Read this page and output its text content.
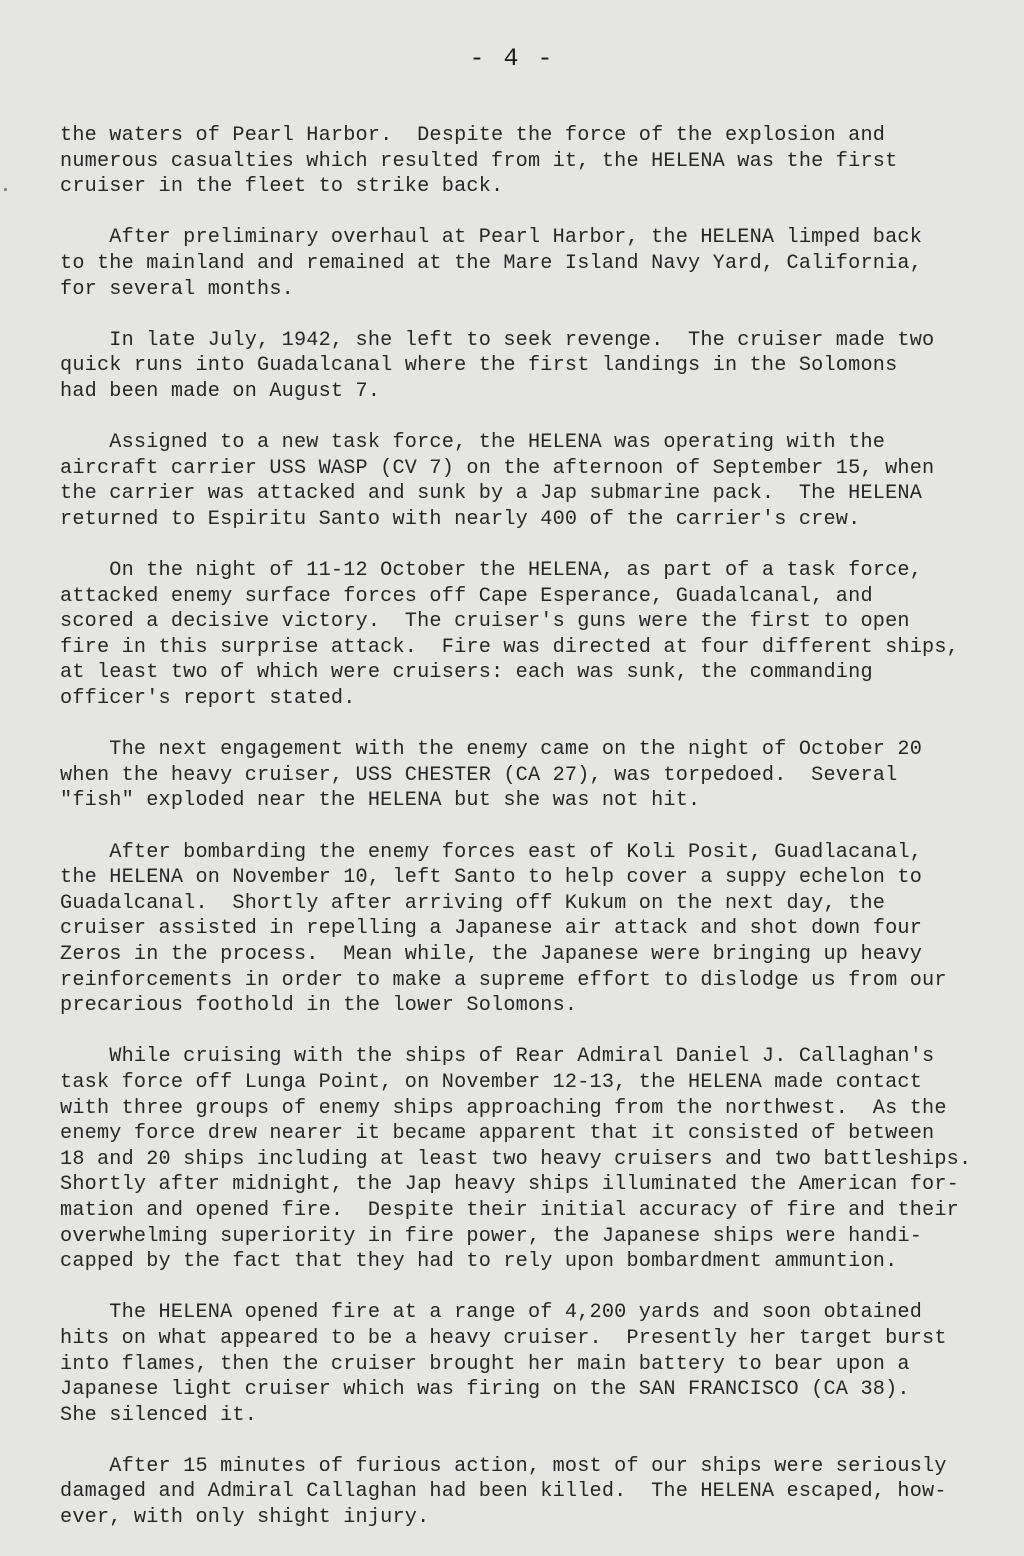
- 4 -
the waters of Pearl Harbor.  Despite the force of the explosion and
numerous casualties which resulted from it, the HELENA was the first
cruiser in the fleet to strike back.
After preliminary overhaul at Pearl Harbor, the HELENA limped back
to the mainland and remained at the Mare Island Navy Yard, California,
for several months.
In late July, 1942, she left to seek revenge.  The cruiser made two
quick runs into Guadalcanal where the first landings in the Solomons
had been made on August 7.
Assigned to a new task force, the HELENA was operating with the
aircraft carrier USS WASP (CV 7) on the afternoon of September 15, when
the carrier was attacked and sunk by a Jap submarine pack.  The HELENA
returned to Espiritu Santo with nearly 400 of the carrier's crew.
On the night of 11-12 October the HELENA, as part of a task force,
attacked enemy surface forces off Cape Esperance, Guadalcanal, and
scored a decisive victory.  The cruiser's guns were the first to open
fire in this surprise attack.  Fire was directed at four different ships,
at least two of which were cruisers: each was sunk, the commanding
officer's report stated.
The next engagement with the enemy came on the night of October 20
when the heavy cruiser, USS CHESTER (CA 27), was torpedoed.  Several
"fish" exploded near the HELENA but she was not hit.
After bombarding the enemy forces east of Koli Posit, Guadlacanal,
the HELENA on November 10, left Santo to help cover a suppy echelon to
Guadalcanal.  Shortly after arriving off Kukum on the next day, the
cruiser assisted in repelling a Japanese air attack and shot down four
Zeros in the process.  Mean while, the Japanese were bringing up heavy
reinforcements in order to make a supreme effort to dislodge us from our
precarious foothold in the lower Solomons.
While cruising with the ships of Rear Admiral Daniel J. Callaghan's
task force off Lunga Point, on November 12-13, the HELENA made contact
with three groups of enemy ships approaching from the northwest.  As the
enemy force drew nearer it became apparent that it consisted of between
18 and 20 ships including at least two heavy cruisers and two battleships.
Shortly after midnight, the Jap heavy ships illuminated the American for-
mation and opened fire.  Despite their initial accuracy of fire and their
overwhelming superiority in fire power, the Japanese ships were handi-
capped by the fact that they had to rely upon bombardment ammuntion.
The HELENA opened fire at a range of 4,200 yards and soon obtained
hits on what appeared to be a heavy cruiser.  Presently her target burst
into flames, then the cruiser brought her main battery to bear upon a
Japanese light cruiser which was firing on the SAN FRANCISCO (CA 38).
She silenced it.
After 15 minutes of furious action, most of our ships were seriously
damaged and Admiral Callaghan had been killed.  The HELENA escaped, how-
ever, with only shight injury.
